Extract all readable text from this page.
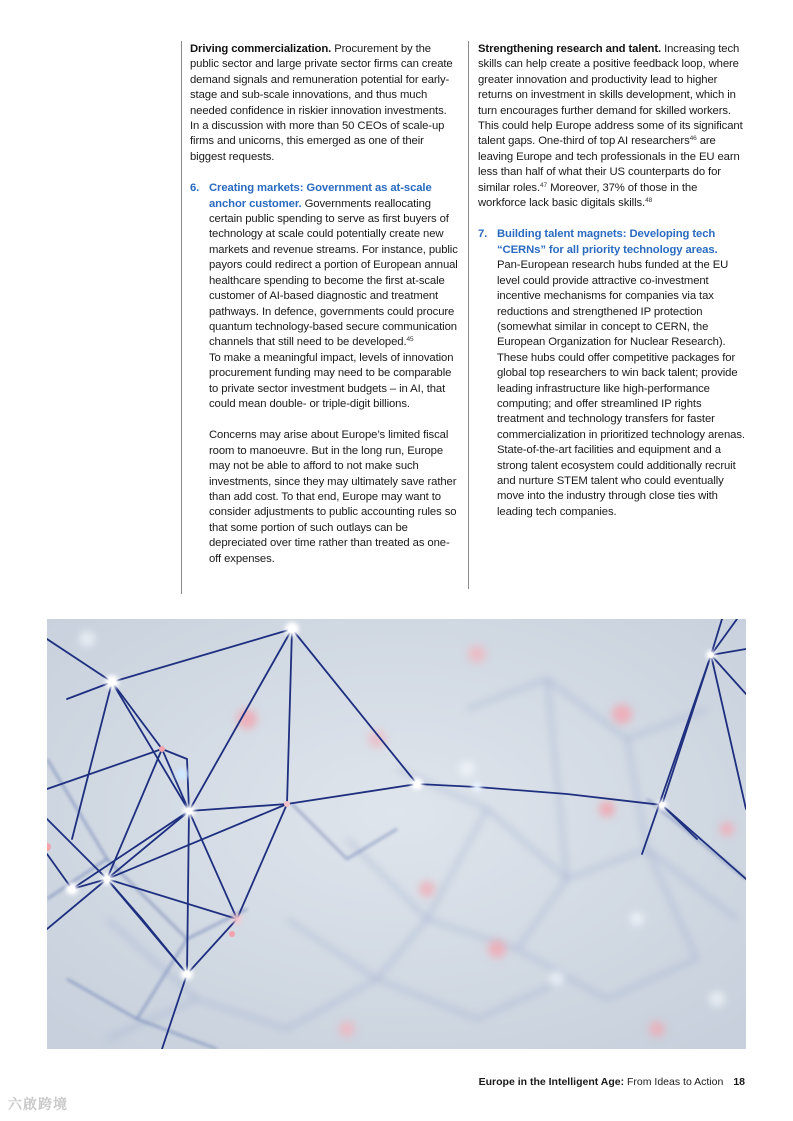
Driving commercialization. Procurement by the public sector and large private sector firms can create demand signals and remuneration potential for early-stage and sub-scale innovations, and thus much needed confidence in riskier innovation investments. In a discussion with more than 50 CEOs of scale-up firms and unicorns, this emerged as one of their biggest requests.

6. Creating markets: Government as at-scale anchor customer. Governments reallocating certain public spending to serve as first buyers of technology at scale could potentially create new markets and revenue streams. For instance, public payors could redirect a portion of European annual healthcare spending to become the first at-scale customer of AI-based diagnostic and treatment pathways. In defence, governments could procure quantum technology-based secure communication channels that still need to be developed.$^{45}$

To make a meaningful impact, levels of innovation procurement funding may need to be comparable to private sector investment budgets – in AI, that could mean double- or triple-digit billions.

Concerns may arise about Europe’s limited fiscal room to manoeuvre. But in the long run, Europe may not be able to afford to not make such investments, since they may ultimately save rather than add cost. To that end, Europe may want to consider adjustments to public accounting rules so that some portion of such outlays can be depreciated over time rather than treated as one-off expenses.

Strengthening research and talent. Increasing tech skills can help create a positive feedback loop, where greater innovation and productivity lead to higher returns on investment in skills development, which in turn encourages further demand for skilled workers. This could help Europe address some of its significant talent gaps. One-third of top AI researchers$^{46}$ are leaving Europe and tech professionals in the EU earn less than half of what their US counterparts do for similar roles.$^{47}$ Moreover, 37% of those in the workforce lack basic digitals skills.$^{48}$

7. Building talent magnets: Developing tech “CERNs” for all priority technology areas.
Pan-European research hubs funded at the EU level could provide attractive co-investment incentive mechanisms for companies via tax reductions and strengthened IP protection (somewhat similar in concept to CERN, the European Organization for Nuclear Research). These hubs could offer competitive packages for global top researchers to win back talent; provide leading infrastructure like high-performance computing; and offer streamlined IP rights treatment and technology transfers for faster commercialization in prioritized technology arenas. State-of-the-art facilities and equipment and a strong talent ecosystem could additionally recruit and nurture STEM talent who could eventually move into the industry through close ties with leading tech companies.

Europe in the Intelligent Age: From Ideas to Action 18
六啟跨境
